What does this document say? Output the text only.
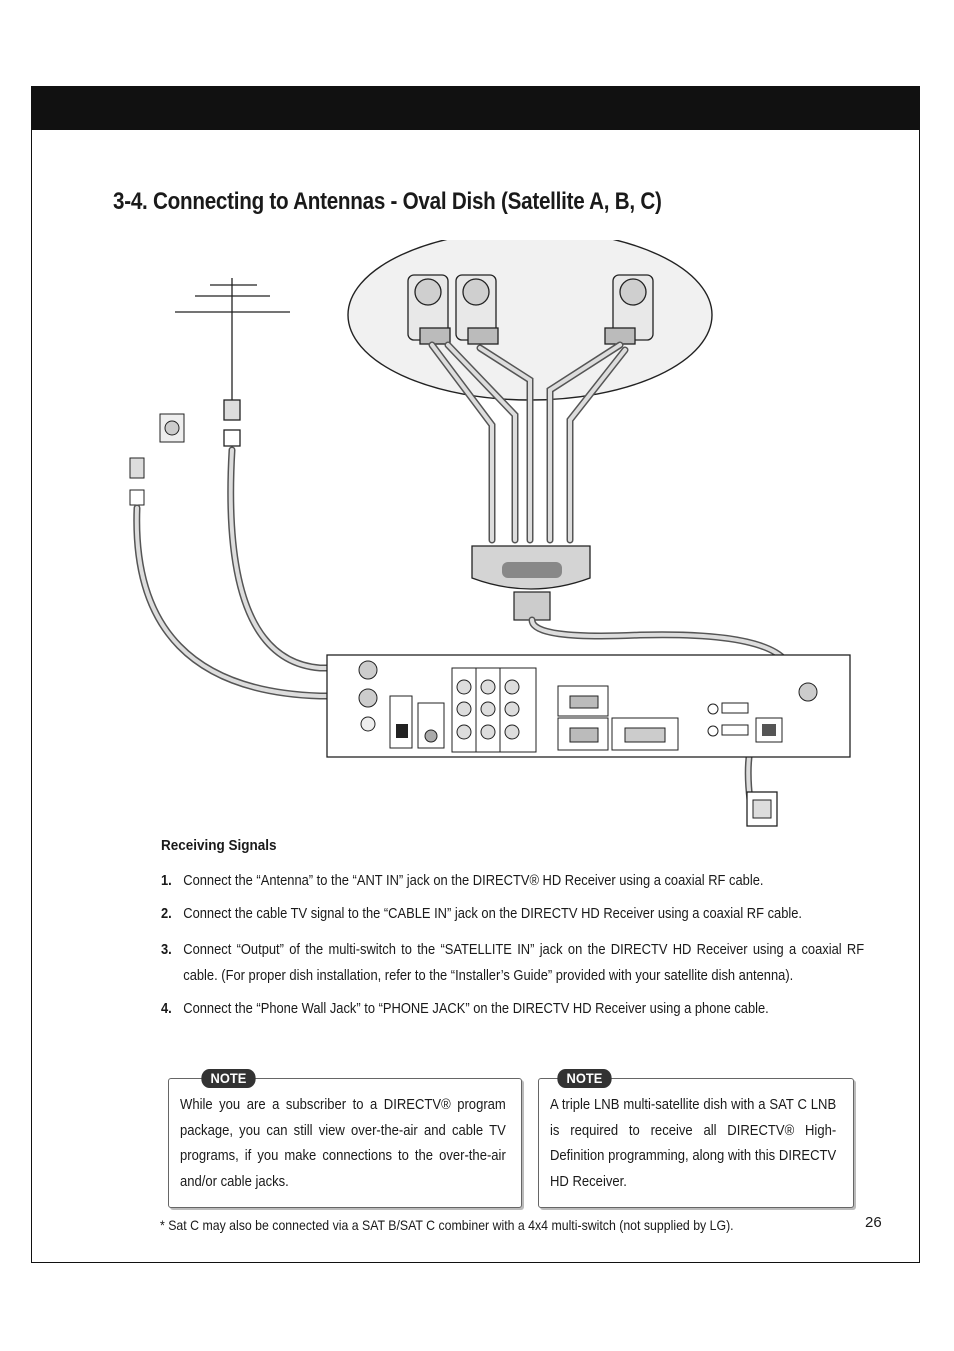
3-4. Connecting to Antennas - Oval Dish (Satellite A, B, C)
Receiving Signals
1. Connect the “Antenna” to the “ANT IN” jack on the DIRECTV® HD Receiver using a coaxial RF cable.
2. Connect the cable TV signal to the “CABLE IN” jack on the DIRECTV HD Receiver using a coaxial RF cable.
3. Connect “Output” of the multi-switch to the “SATELLITE IN” jack on the DIRECTV HD Receiver using a coaxial RF cable. (For proper dish installation, refer to the “Installer’s Guide” provided with your satellite dish antenna).
4. Connect the “Phone Wall Jack” to “PHONE JACK” on the DIRECTV HD Receiver using a phone cable.
NOTE
While you are a subscriber to a DIRECTV® program package, you can still view over-the-air and cable TV programs, if you make connections to the over-the-air and/or cable jacks.
NOTE
A triple LNB multi-satellite dish with a SAT C LNB is required to receive all DIRECTV® High-Definition programming, along with this DIRECTV HD Receiver.
* Sat C may also be connected via a SAT B/SAT C combiner with a 4x4 multi-switch (not supplied by LG).	26
